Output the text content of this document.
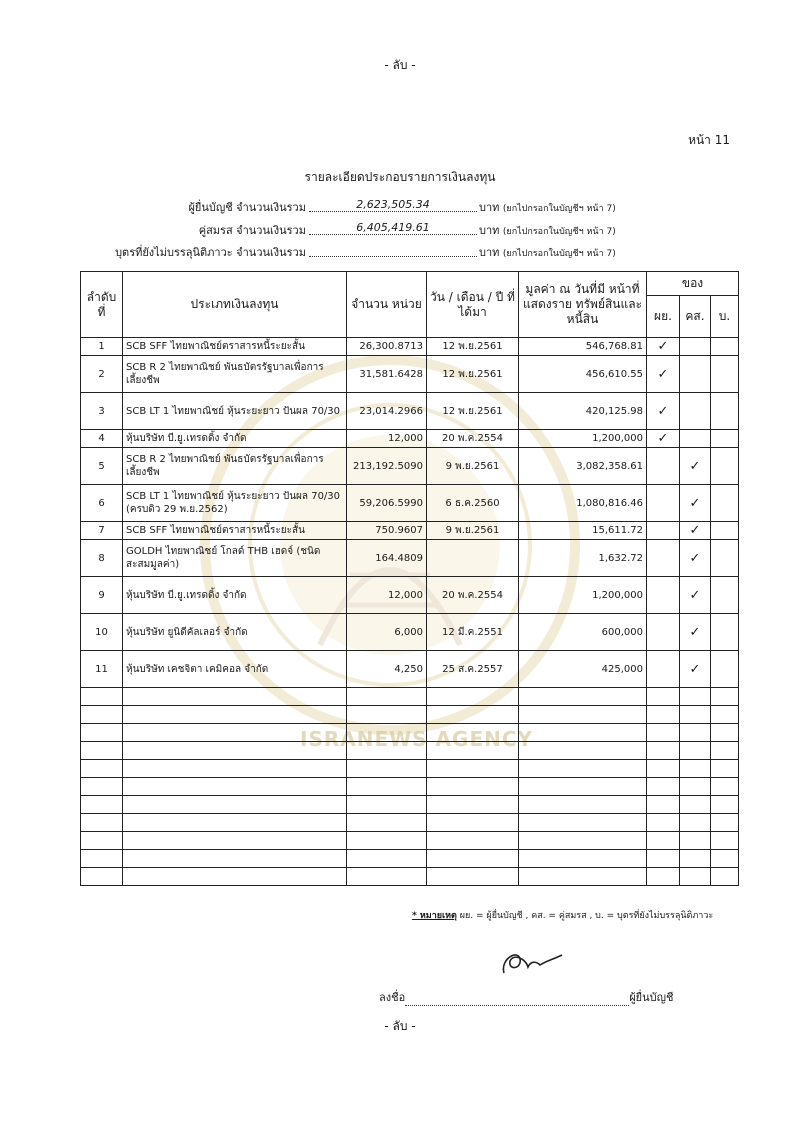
ISRANEWS AGENCY
- ลับ -
หน้า 11
รายละเอียดประกอบรายการเงินลงทุน
ผู้ยื่นบัญชี จำนวนเงินรวม	2,623,505.34	บาท (ยกไปกรอกในบัญชีฯ หน้า 7)
คู่สมรส จำนวนเงินรวม	6,405,419.61	บาท (ยกไปกรอกในบัญชีฯ หน้า 7)
บุตรที่ยังไม่บรรลุนิติภาวะ จำนวนเงินรวม	บาท (ยกไปกรอกในบัญชีฯ หน้า 7)
ลำดับ ที่	ประเภทเงินลงทุน	จำนวน หน่วย	วัน / เดือน / ปี ที่ได้มา	มูลค่า ณ วันที่มี หน้าที่แสดงราย ทรัพย์สินและหนี้สิน	ของ		
					ผย.	คส.	บ.
1	SCB SFF ไทยพาณิชย์ตราสารหนี้ระยะสั้น	26,300.8713	12 พ.ย.2561	546,768.81	✓		
2	SCB R 2 ไทยพาณิชย์ พันธบัตรรัฐบาลเพื่อการเลี้ยงชีพ	31,581.6428	12 พ.ย.2561	456,610.55	✓		
3	SCB LT 1 ไทยพาณิชย์ หุ้นระยะยาว ปันผล 70/30	23,014.2966	12 พ.ย.2561	420,125.98	✓		
4	หุ้นบริษัท บี.ยู.เทรดดิ้ง จำกัด	12,000	20 พ.ค.2554	1,200,000	✓		
5	SCB R 2 ไทยพาณิชย์ พันธบัตรรัฐบาลเพื่อการเลี้ยงชีพ	213,192.5090	9 พ.ย.2561	3,082,358.61		✓	
6	SCB LT 1 ไทยพาณิชย์ หุ้นระยะยาว ปันผล 70/30 (ครบดิว 29 พ.ย.2562)	59,206.5990	6 ธ.ค.2560	1,080,816.46		✓	
7	SCB SFF ไทยพาณิชย์ตราสารหนี้ระยะสั้น	750.9607	9 พ.ย.2561	15,611.72		✓	
8	GOLDH ไทยพาณิชย์ โกลด์ THB เฮดจ์ (ชนิดสะสมมูลค่า)	164.4809		1,632.72		✓	
9	หุ้นบริษัท บี.ยู.เทรดดิ้ง จำกัด	12,000	20 พ.ค.2554	1,200,000		✓	
10	หุ้นบริษัท ยูนิดีคัลเลอร์ จำกัด	6,000	12 มี.ค.2551	600,000		✓	
11	หุ้นบริษัท เคชจิตา เคมิคอล จำกัด	4,250	25 ส.ค.2557	425,000		✓	

* หมายเหตุ ผย. = ผู้ยื่นบัญชี , คส. = คู่สมรส , บ. = บุตรที่ยังไม่บรรลุนิติภาวะ
ลงชื่อ	ผู้ยื่นบัญชี
- ลับ -
